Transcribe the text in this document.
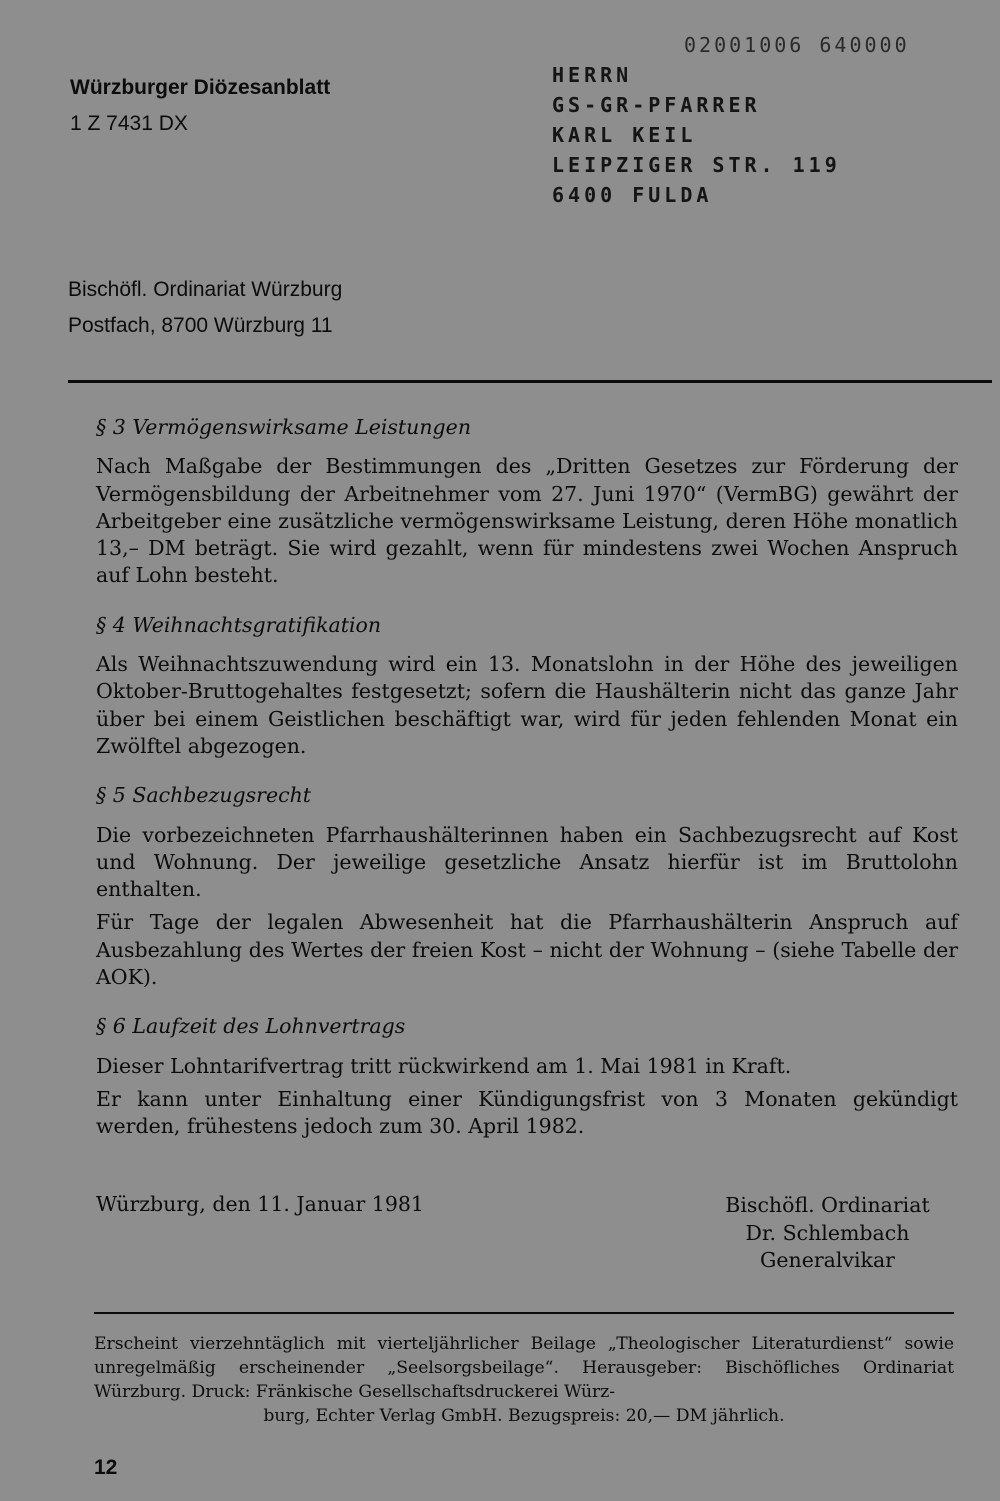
Würzburger Diözesanblatt
1 Z 7431 DX
02001006 640000
HERRN
GS-GR-PFARRER
KARL KEIL
LEIPZIGER STR. 119
6400 FULDA
Bischöfl. Ordinariat Würzburg
Postfach, 8700 Würzburg 11

§ 3 Vermögenswirksame Leistungen

Nach Maßgabe der Bestimmungen des „Dritten Gesetzes zur Förderung der Vermögensbildung der Arbeitnehmer vom 27. Juni 1970“ (VermBG) gewährt der Arbeitgeber eine zusätzliche vermögenswirksame Leistung, deren Höhe monatlich 13,– DM beträgt. Sie wird gezahlt, wenn für mindestens zwei Wochen Anspruch auf Lohn besteht.

§ 4 Weihnachtsgratifikation

Als Weihnachtszuwendung wird ein 13. Monatslohn in der Höhe des jeweiligen Oktober-Bruttogehaltes festgesetzt; sofern die Haushälterin nicht das ganze Jahr über bei einem Geistlichen beschäftigt war, wird für jeden fehlenden Monat ein Zwölftel abgezogen.

§ 5 Sachbezugsrecht

Die vorbezeichneten Pfarrhaushälterinnen haben ein Sachbezugsrecht auf Kost und Wohnung. Der jeweilige gesetzliche Ansatz hierfür ist im Bruttolohn enthalten.

Für Tage der legalen Abwesenheit hat die Pfarrhaushälterin Anspruch auf Ausbezahlung des Wertes der freien Kost – nicht der Wohnung – (siehe Tabelle der AOK).

§ 6 Laufzeit des Lohnvertrags

Dieser Lohntarifvertrag tritt rückwirkend am 1. Mai 1981 in Kraft.

Er kann unter Einhaltung einer Kündigungsfrist von 3 Monaten gekündigt werden, frühestens jedoch zum 30. April 1982.

Würzburg, den 11. Januar 1981	Bischöfl. Ordinariat
Dr. Schlembach
Generalvikar
Erscheint vierzehntäglich mit vierteljährlicher Beilage „Theologischer Literaturdienst“ sowie unregelmäßig erscheinender „Seelsorgsbeilage“. Herausgeber: Bischöfliches Ordinariat Würzburg. Druck: Fränkische Gesellschaftsdruckerei Würz-
burg, Echter Verlag GmbH. Bezugspreis: 20,— DM jährlich.
12
